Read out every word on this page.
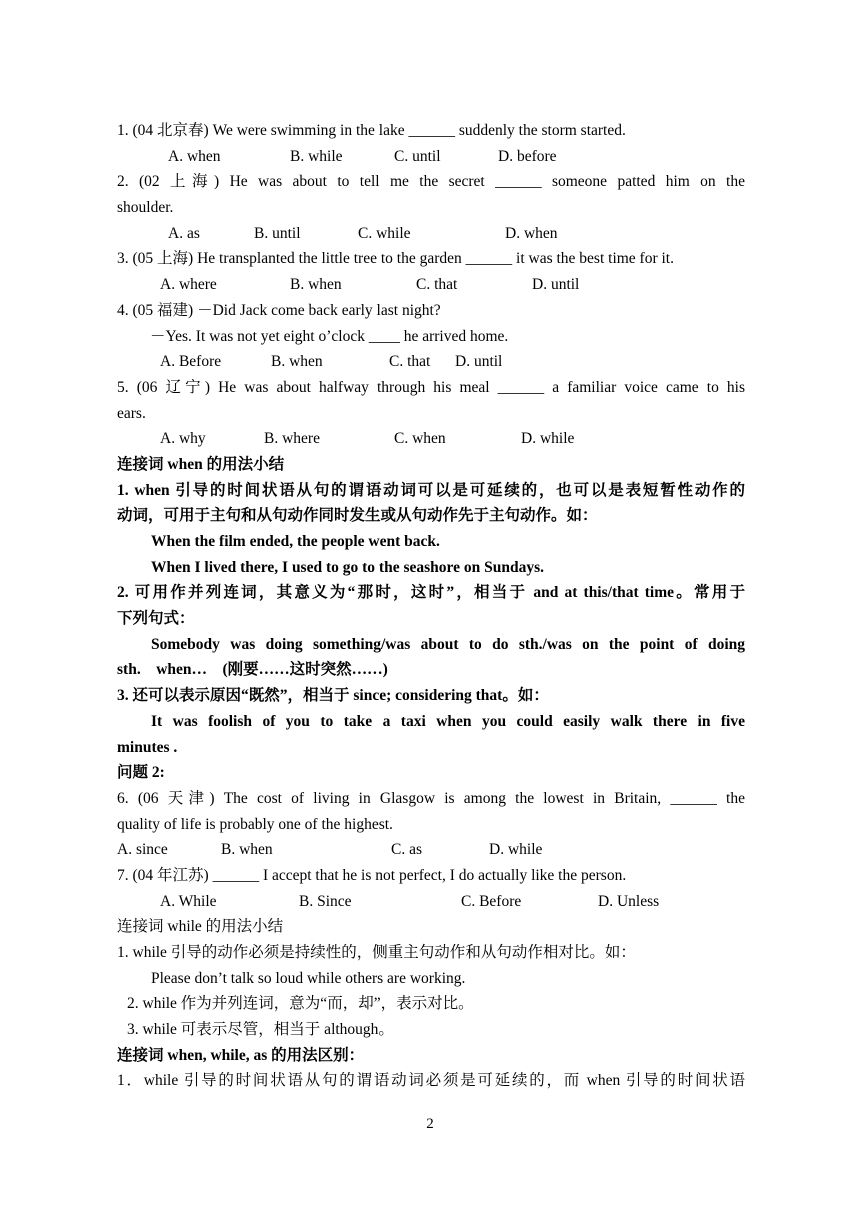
1. (04 北京春) We were swimming in the lake ______ suddenly the storm started.
A. when	B. while	C. until	D. before
2. (02 上海) He was about to tell me the secret ______ someone patted him on the
shoulder.
A. as	B. until	C. while	D. when
3. (05 上海) He transplanted the little tree to the garden ______ it was the best time for it.
A. where	B. when	C. that	D. until
4. (05 福建) －Did Jack come back early last night?
－Yes. It was not yet eight o’clock ____ he arrived home.
A. Before	B. when	C. that	D. until
5. (06 辽宁) He was about halfway through his meal ______ a familiar voice came to his
ears.
A. why	B. where	C. when	D. while
连接词 when 的用法小结
1. when 引导的时间状语从句的谓语动词可以是可延续的，也可以是表短暂性动作的
动词，可用于主句和从句动作同时发生或从句动作先于主句动作。如：
When the film ended, the people went back.
When I lived there, I used to go to the seashore on Sundays.
2. 可用作并列连词，其意义为“那时，这时”，相当于 and at this/that time。常用于
下列句式：
Somebody was doing something/was about to do sth./was on the point of doing
sth.    when…    (刚要……这时突然……)
3. 还可以表示原因“既然”，相当于 since; considering that。如：
It was foolish of you to take a taxi when you could easily walk there in five
minutes .
问题 2:
6. (06 天津) The cost of living in Glasgow is among the lowest in Britain, ______ the
quality of life is probably one of the highest.
A. since	B. when	C. as	D. while
7. (04 年江苏) ______ I accept that he is not perfect, I do actually like the person.
A. While	B. Since	C. Before	D. Unless
连接词 while 的用法小结
1. while 引导的动作必须是持续性的，侧重主句动作和从句动作相对比。如：
Please don’t talk so loud while others are working.
2. while 作为并列连词，意为“而，却”，表示对比。
3. while 可表示尽管，相当于 although。
连接词 when, while, as 的用法区别：
1．while 引导的时间状语从句的谓语动词必须是可延续的，而 when 引导的时间状语
2
